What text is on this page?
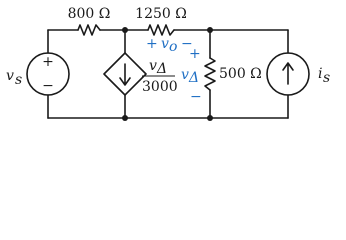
+
−
v s
v Δ
3000
+ v o −
+
v Δ
−
i s
800 Ω 1250 Ω
500 Ω
